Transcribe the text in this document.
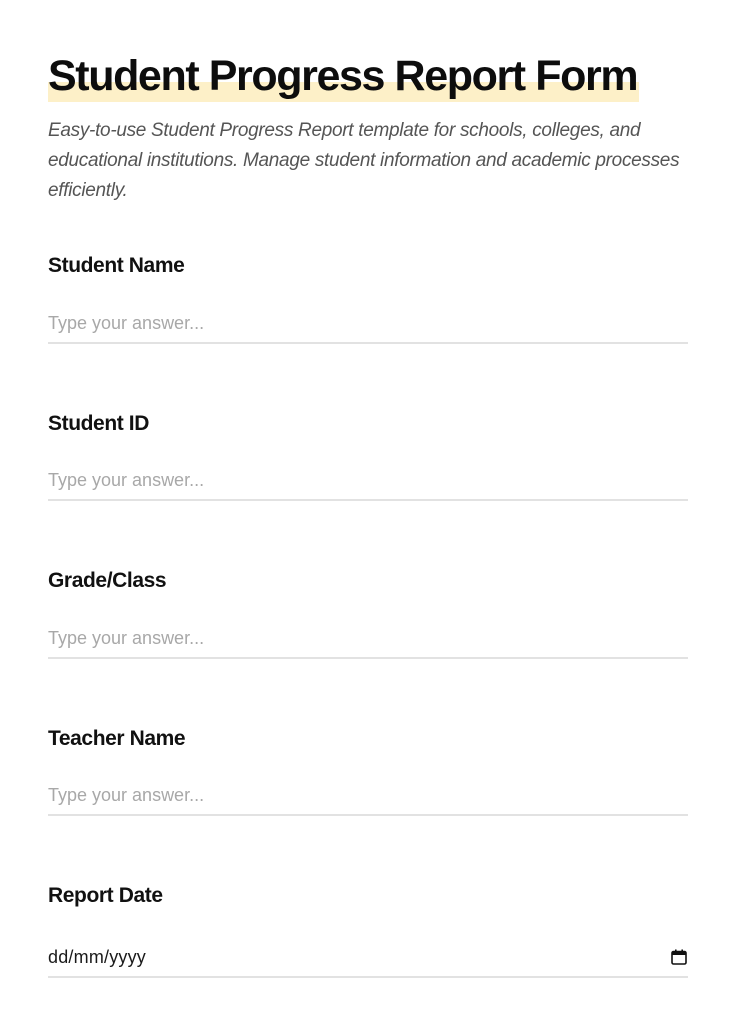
Student Progress Report Form

Easy-to-use Student Progress Report template for schools, colleges, and educational institutions. Manage student information and academic processes efficiently.

Student Name
Type your answer...
Student ID
Type your answer...
Grade/Class
Type your answer...
Teacher Name
Type your answer...
Report Date
dd/mm/yyyy
